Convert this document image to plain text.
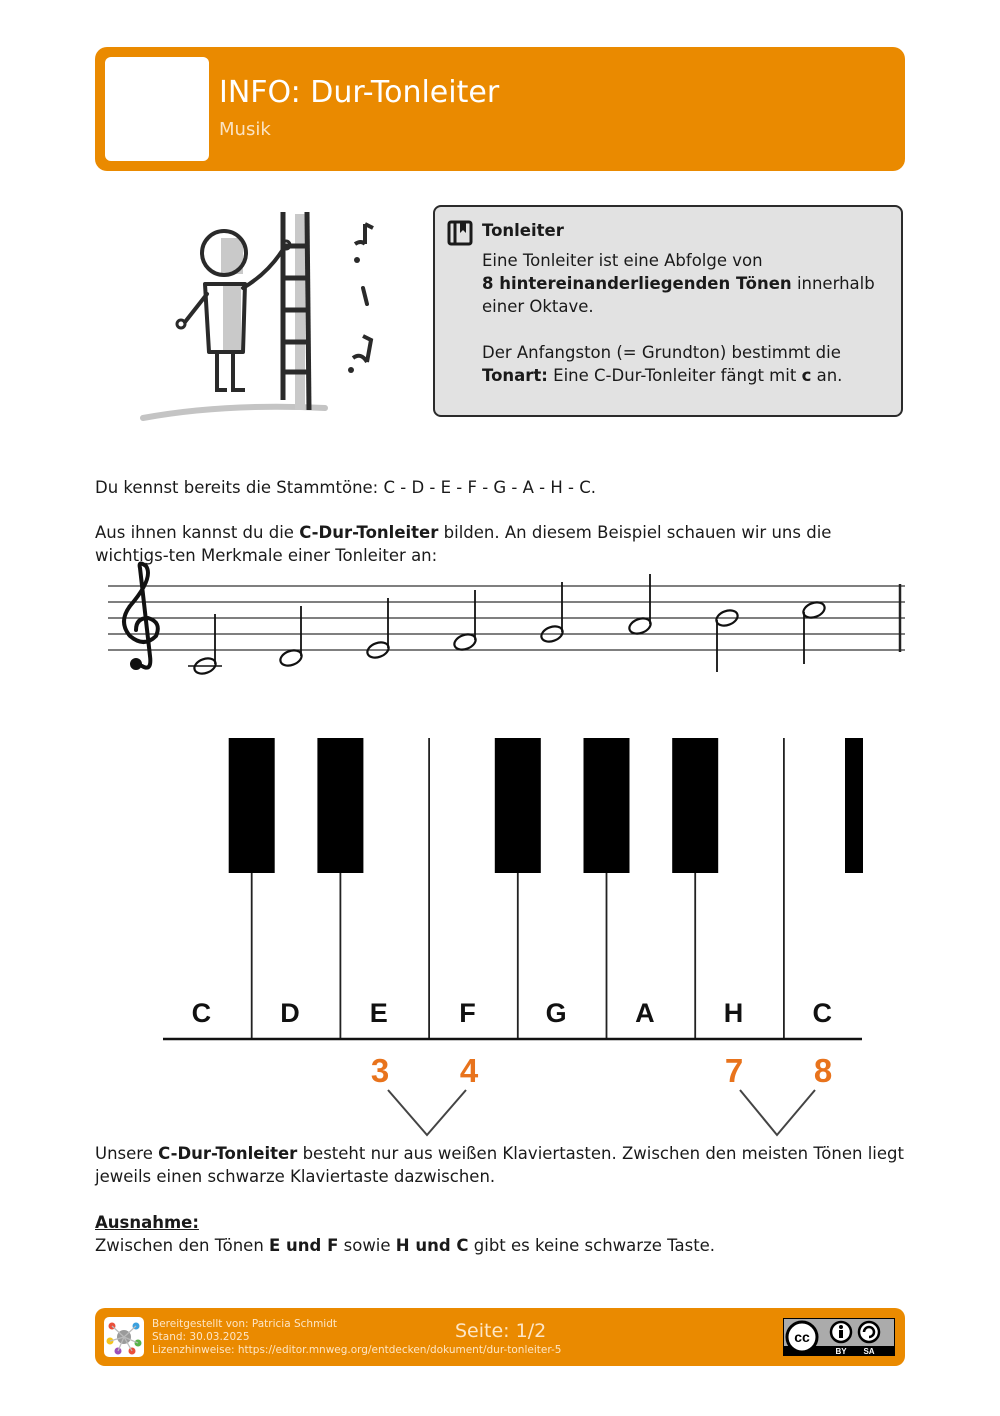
INFO: Dur-Tonleiter
Musik
Tonleiter

Eine Tonleiter ist eine Abfolge von
8 hintereinanderliegenden Tönen innerhalb einer Oktave.

Der Anfangston (= Grundton) bestimmt die Tonart: Eine C-Dur-Tonleiter fängt mit c an.

Du kennst bereits die Stammtöne: C - D - E - F - G - A - H - C.
Aus ihnen kannst du die C-Dur-Tonleiter bilden. An diesem Beispiel schauen wir uns die wichtigs-ten Merkmale einer Tonleiter an:
C	D	E	F	G	A	H	C
3 4	7 8
Unsere C-Dur-Tonleiter besteht nur aus weißen Klaviertasten. Zwischen den meisten Tönen liegt jeweils einen schwarze Klaviertaste dazwischen.
Ausnahme:
Zwischen den Tönen E und F sowie H und C gibt es keine schwarze Taste.
Bereitgestellt von: Patricia Schmidt
Stand: 30.03.2025
Lizenzhinweise: https://editor.mnweg.org/entdecken/dokument/dur-tonleiter-5
Seite: 1/2	cc
BY SA
